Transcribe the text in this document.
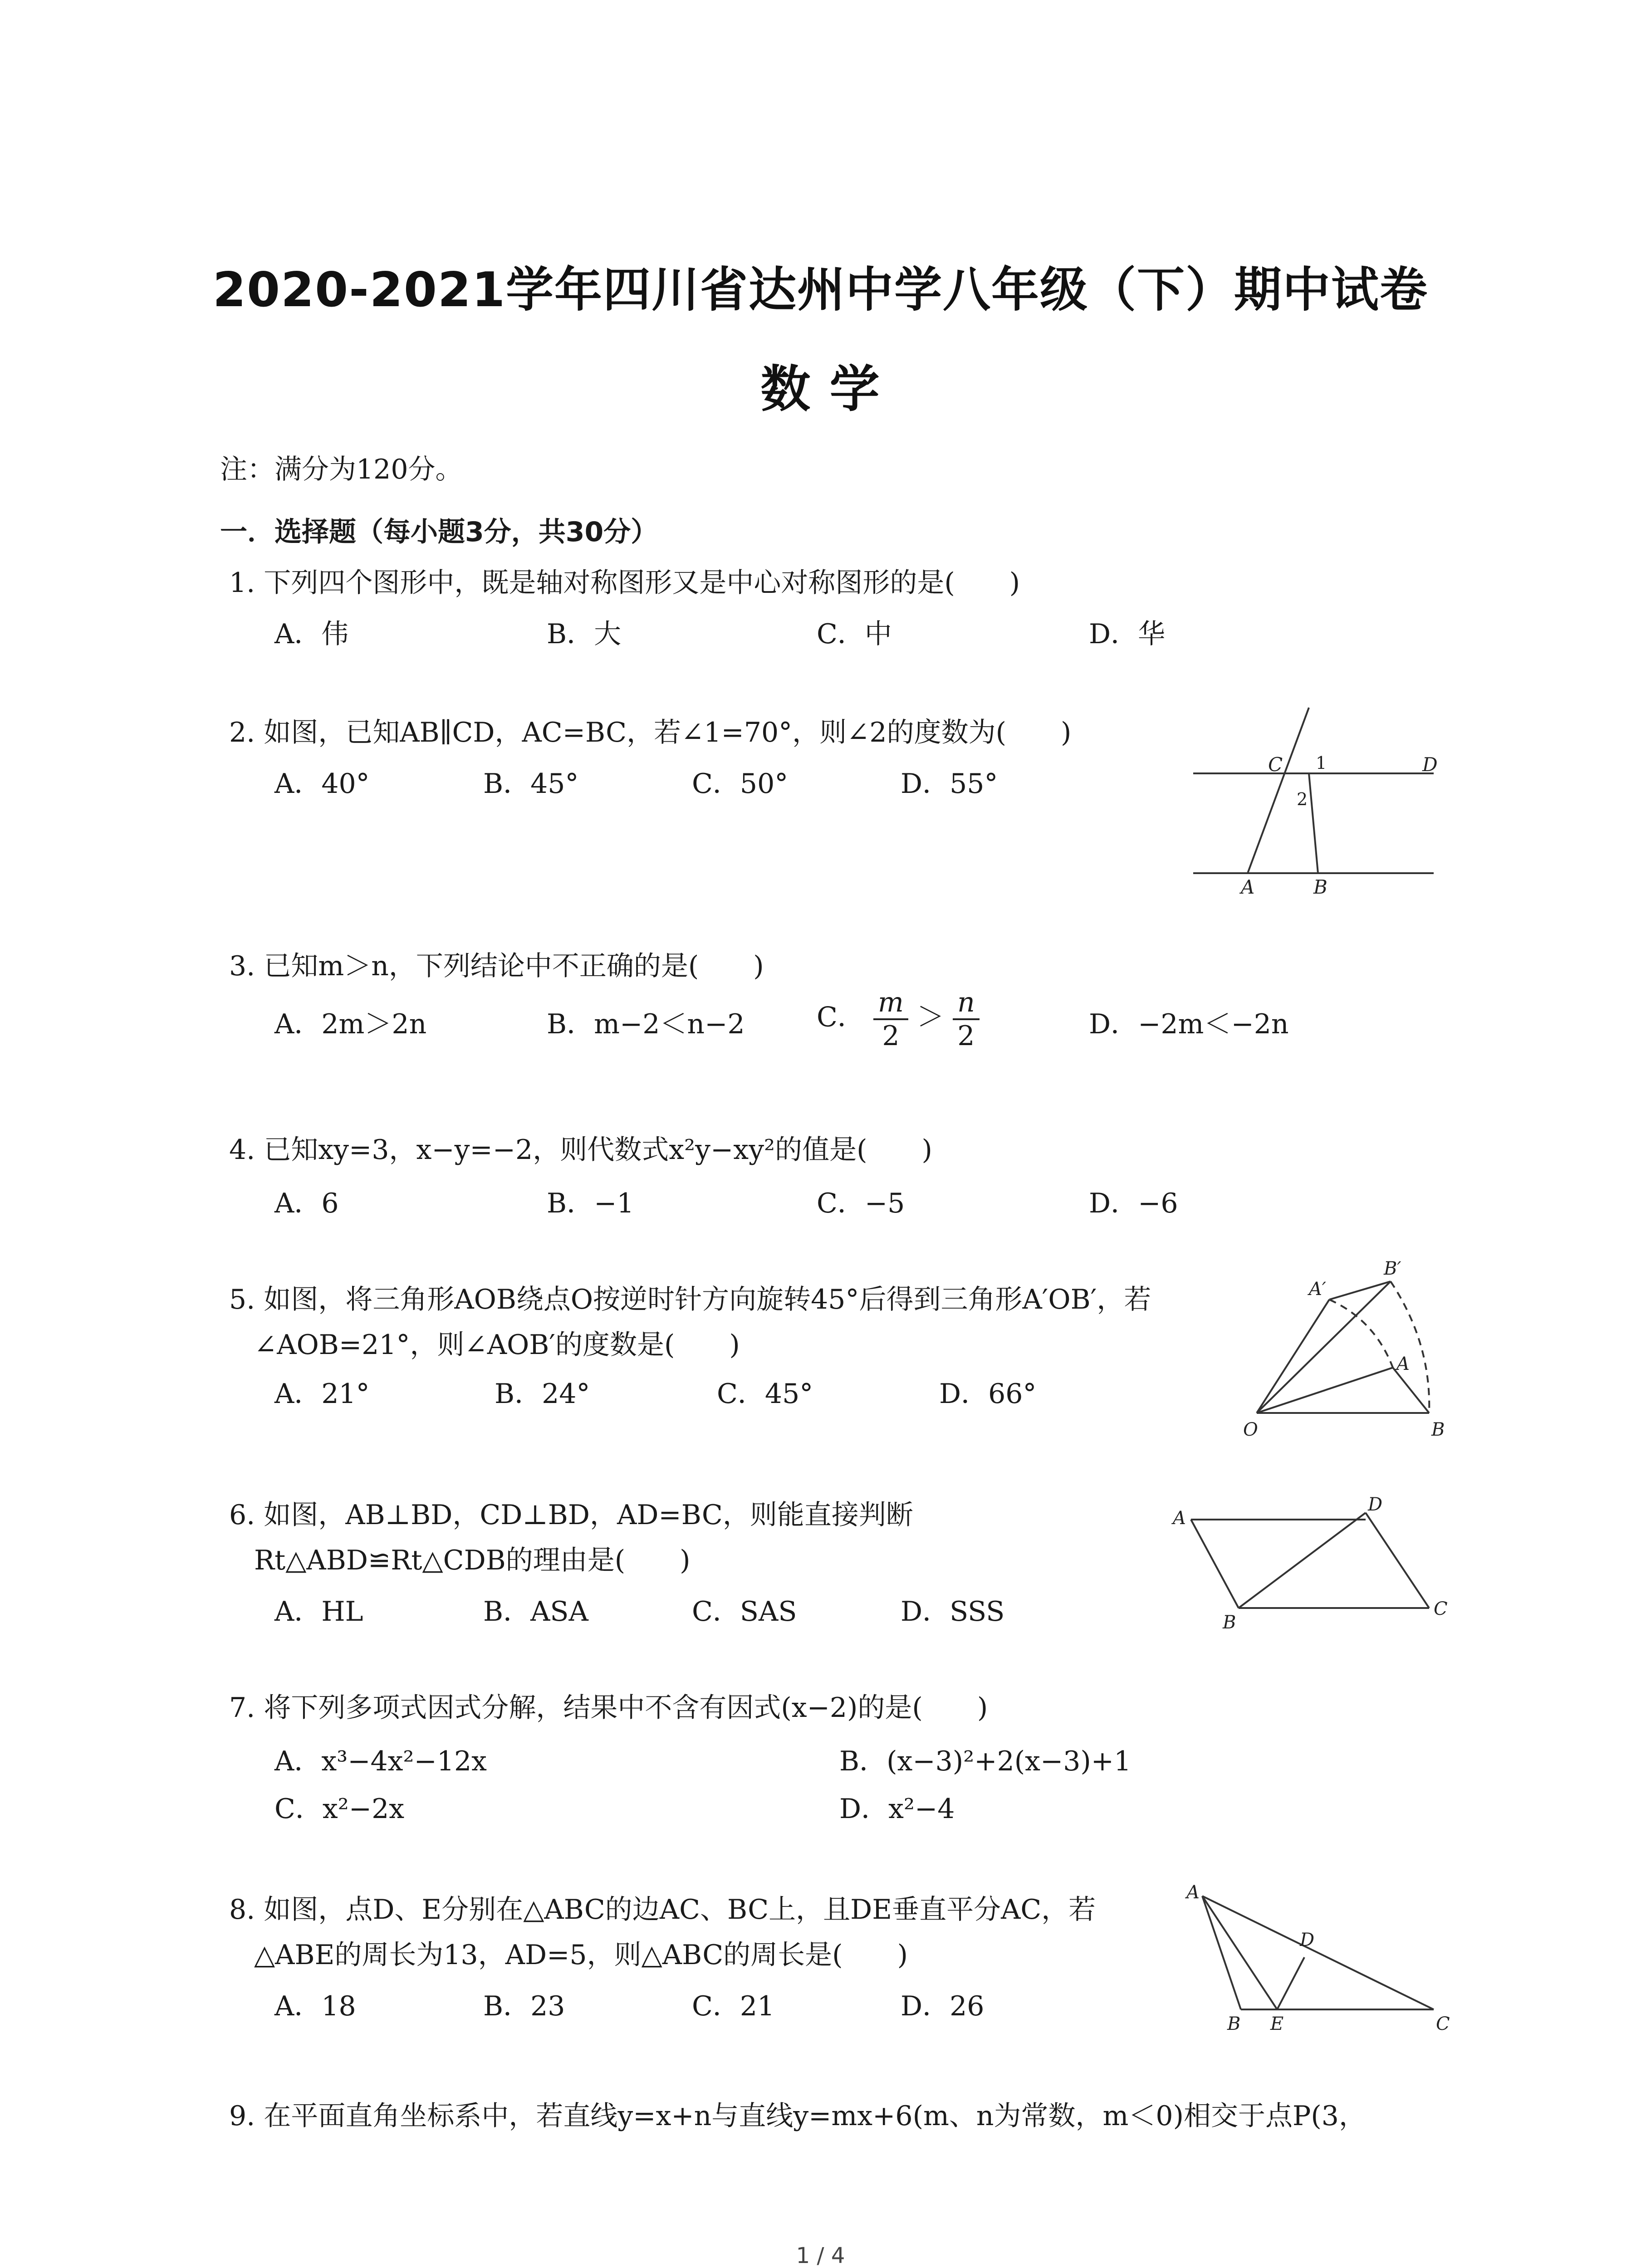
2020-2021学年四川省达州中学八年级（下）期中试卷
数 学
注：满分为120分。
一．选择题（每小题3分，共30分）
1. 下列四个图形中，既是轴对称图形又是中心对称图形的是(　　)
A．伟	B．大	C．中	D．华
2. 如图，已知AB∥CD，AC=BC，若∠1=70°，则∠2的度数为(　　)
A．40°	B．45°	C．50°	D．55°
C	D
A	B
1
2
3. 已知m＞n，下列结论中不正确的是(　　)
A．2m＞2n	B．m−2＜n−2	C． $\frac{m}{2} > \frac{n}{2}$	D．−2m＜−2n
4. 已知xy=3，x−y=−2，则代数式x²y−xy²的值是(　　)
A．6	B．−1	C．−5	D．−6
5. 如图，将三角形AOB绕点O按逆时针方向旋转45°后得到三角形A′OB′，若
∠AOB=21°，则∠AOB′的度数是(　　)
A．21°	B．24°	C．45°	D．66°
A′
B′
A
O	B
6. 如图，AB⊥BD，CD⊥BD，AD=BC，则能直接判断
Rt△ABD≌Rt△CDB的理由是(　　)
A．HL	B．ASA	C．SAS	D．SSS
A
D
B
C
7. 将下列多项式因式分解，结果中不含有因式(x−2)的是(　　)
A．x³−4x²−12x	B．(x−3)²+2(x−3)+1
C．x²−2x	D．x²−4
8. 如图，点D、E分别在△ABC的边AC、BC上，且DE垂直平分AC，若
△ABE的周长为13，AD=5，则△ABC的周长是(　　)
A．18	B．23	C．21	D．26
A
D
B E	C
9. 在平面直角坐标系中，若直线y=x+n与直线y=mx+6(m、n为常数，m＜0)相交于点P(3，
1 / 4
